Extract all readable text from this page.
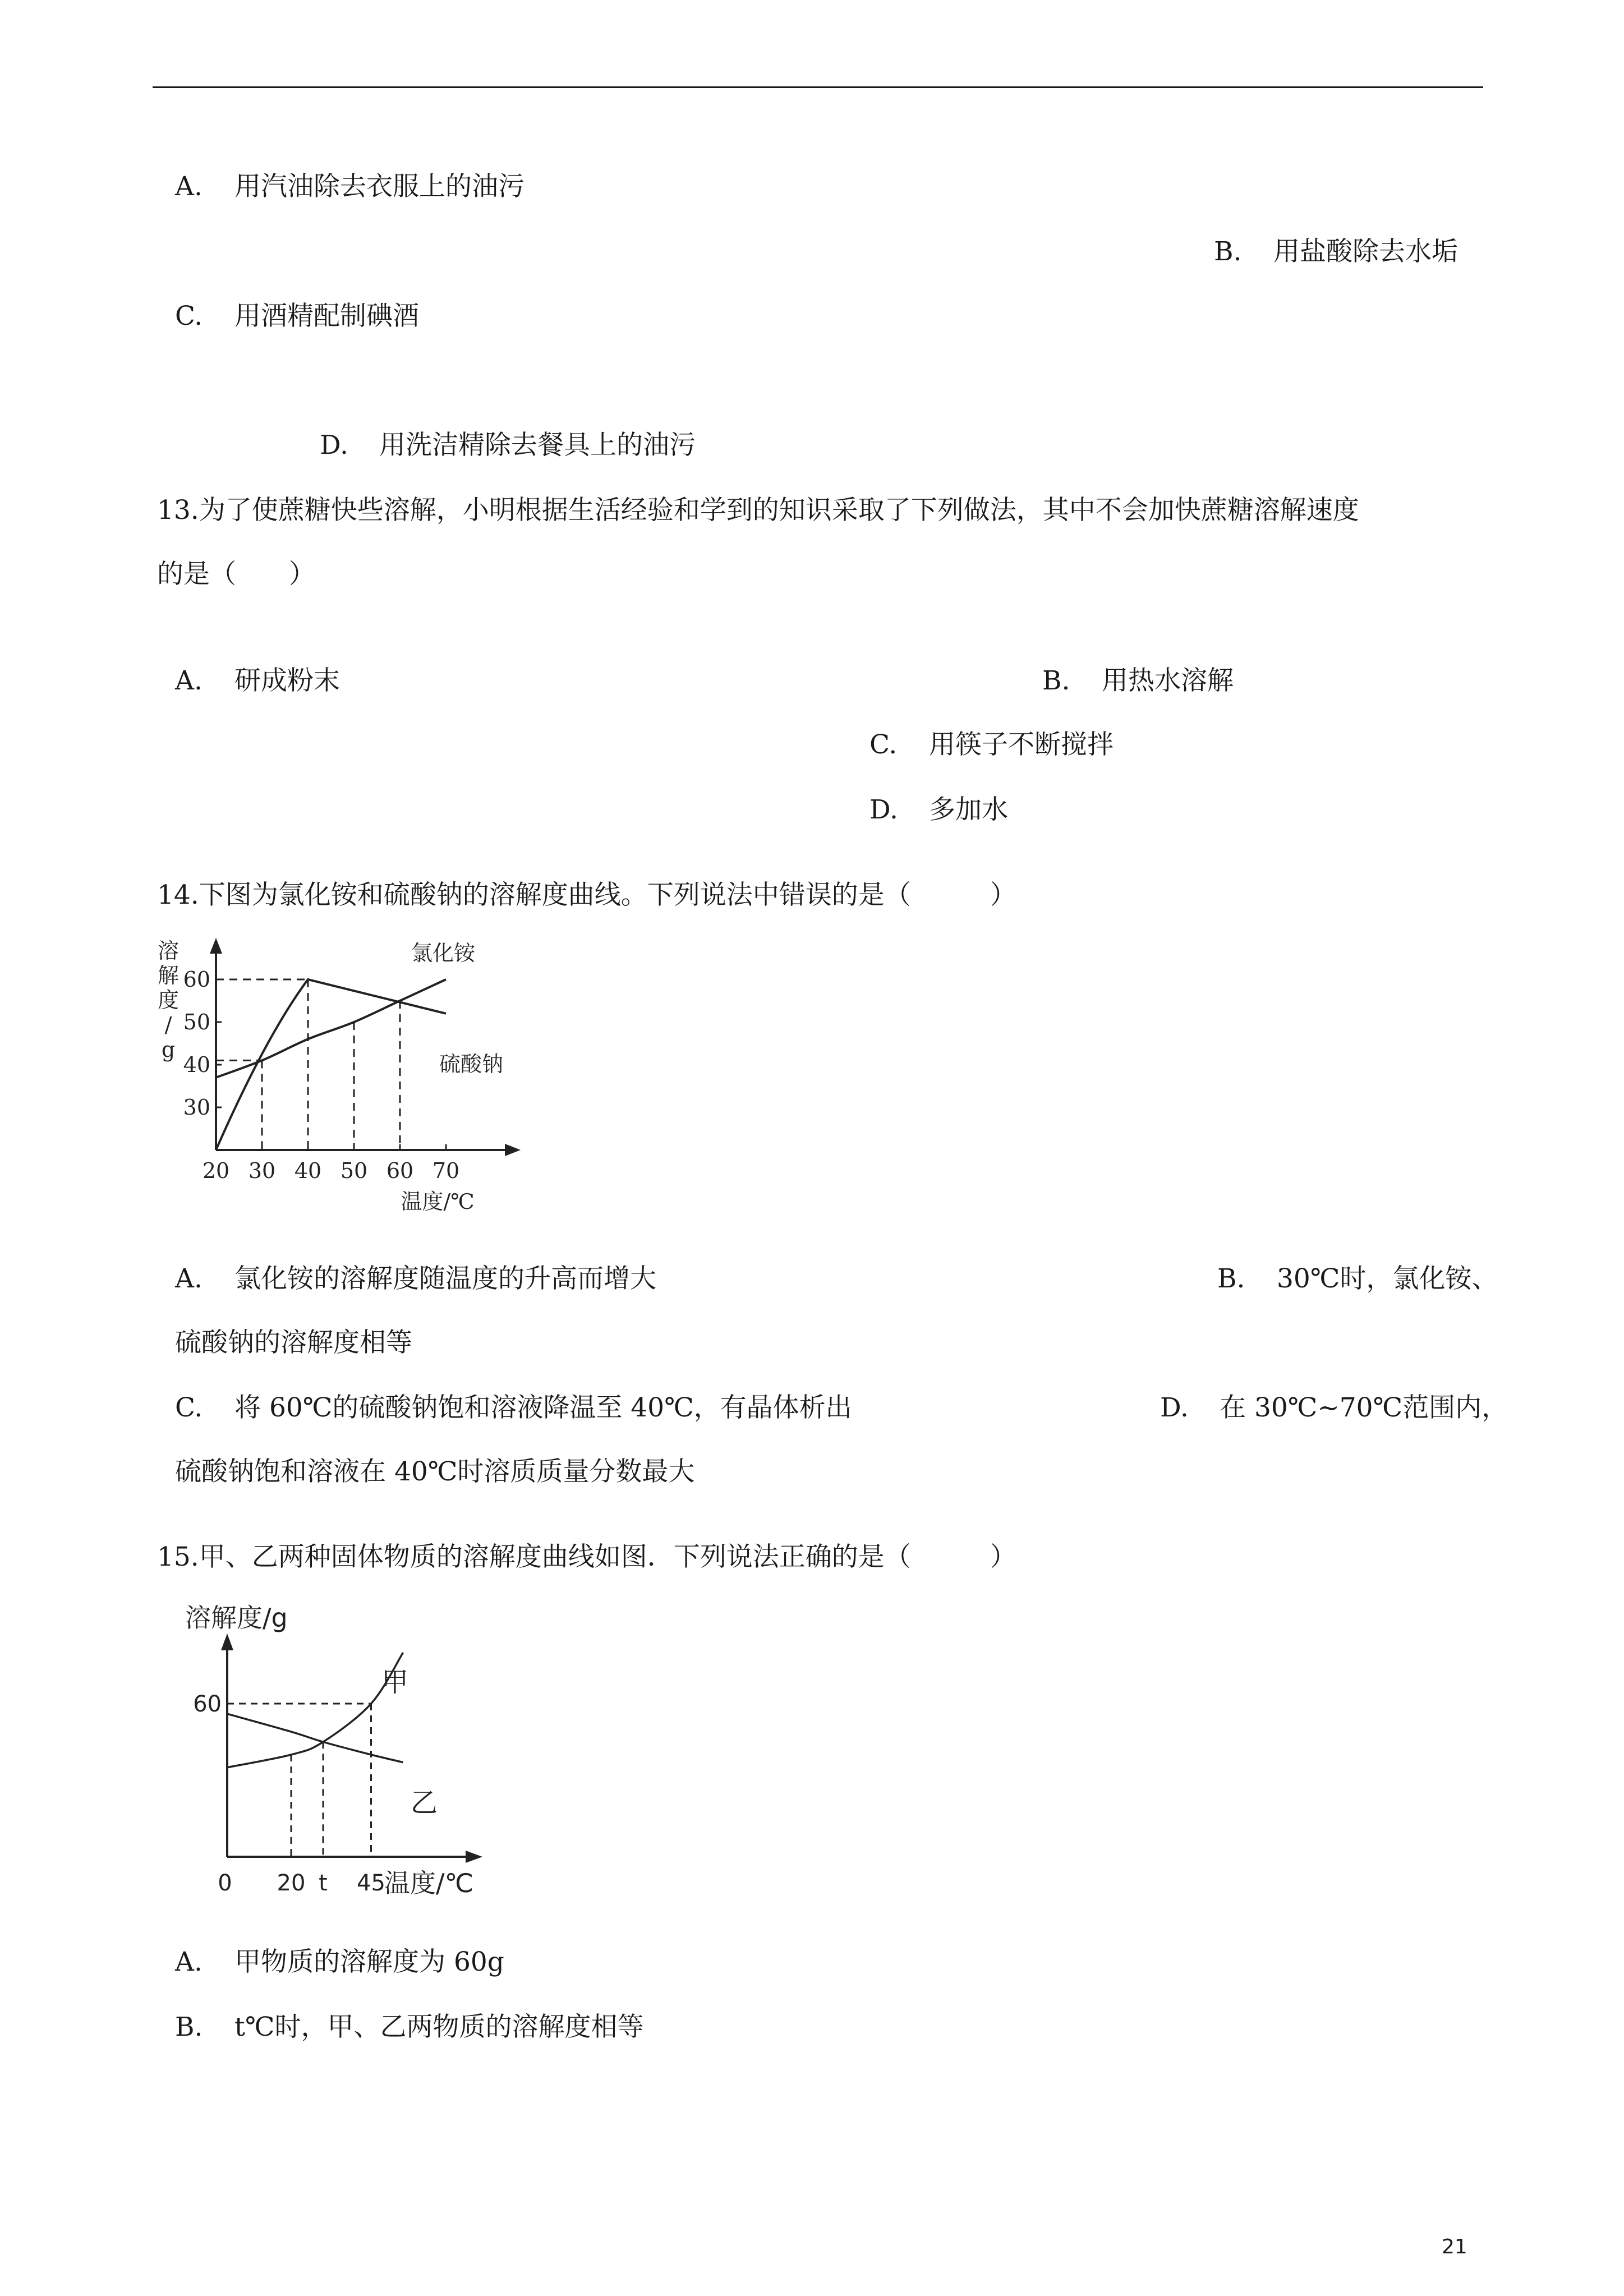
A. 用汽油除去衣服上的油污
B. 用盐酸除去水垢
C. 用酒精配制碘酒
D. 用洗洁精除去餐具上的油污
13.为了使蔗糖快些溶解，小明根据生活经验和学到的知识采取了下列做法，其中不会加快蔗糖溶解速度
的是（　　）
A. 研成粉末	B. 用热水溶解
C. 用筷子不断搅拌
D. 多加水
14.下图为氯化铵和硫酸钠的溶解度曲线。下列说法中错误的是（　　　）
20 30 40 50 60 70
30
40
50
60
溶解度/ g
温度/℃
氯化铵
硫酸钠
A. 氯化铵的溶解度随温度的升高而增大	B. 30℃时，氯化铵、
硫酸钠的溶解度相等
C. 将 60℃的硫酸钠饱和溶液降温至 40℃，有晶体析出	D. 在 30℃~70℃范围内，
硫酸钠饱和溶液在 40℃时溶质质量分数最大
15.甲、乙两种固体物质的溶解度曲线如图．下列说法正确的是（　　　）
0 20 t 45
60
溶解度/g
温度/℃
甲
乙
A. 甲物质的溶解度为 60g
B. t℃时，甲、乙两物质的溶解度相等
21
